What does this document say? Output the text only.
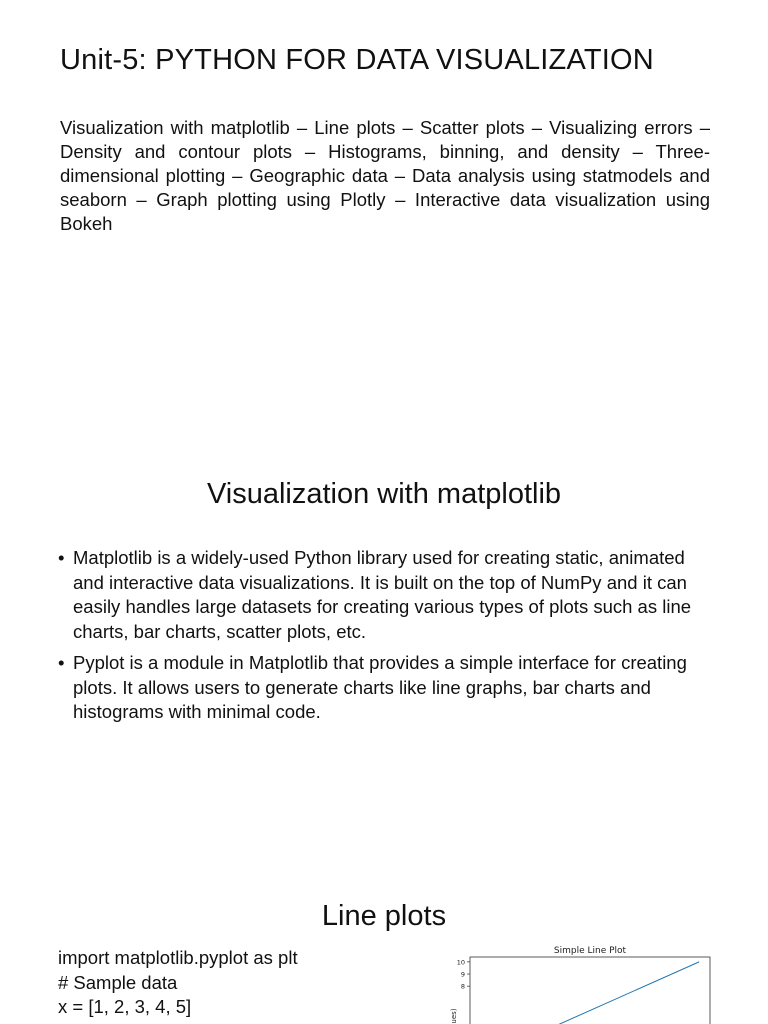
Unit-5: PYTHON FOR DATA VISUALIZATION
Visualization with matplotlib – Line plots – Scatter plots – Visualizing errors – Density and contour plots – Histograms, binning, and density – Three-dimensional plotting – Geographic data – Data analysis using statmodels and seaborn – Graph plotting using Plotly – Interactive data visualization using Bokeh
Visualization with matplotlib
• Matplotlib is a widely-used Python library used for creating static, animated and interactive data visualizations. It is built on the top of NumPy and it can easily handles large datasets for creating various types of plots such as line charts, bar charts, scatter plots, etc.
• Pyplot is a module in Matplotlib that provides a simple interface for creating plots. It allows users to generate charts like line graphs, bar charts and histograms with minimal code.
Line plots
import matplotlib.pyplot as plt
# Sample data
x = [1, 2, 3, 4, 5]
Simple Line Plot
ues)
8
9
10
